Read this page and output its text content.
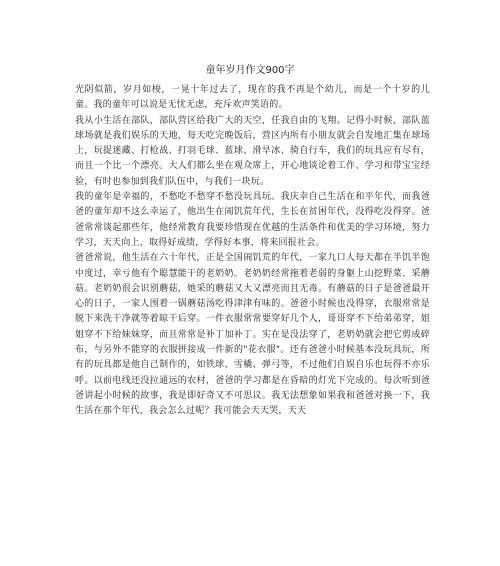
童年岁月作文900字

光阴似箭，岁月如梭，一晃十年过去了，现在的我不再是个幼儿，而是一个十岁的儿童。我的童年可以说是无忧无虑，充斥欢声笑语的。

我从小生活在部队，部队营区给我广大的天空，任我自由的飞翔。记得小时候，部队蓝球场就是我们娱乐的天地，每天吃完晚饭后，营区内所有小朋友就会自发地汇集在球场上，玩捉迷藏、打枪战、打羽毛球、蓝球、滑旱冰、骑自行车，我们的玩具应有尽有，而且一个比一个漂亮。大人们都么坐在观众席上，开心地谈论着工作、学习和带宝宝经验，有时也参加到我们队伍中，与我们一块玩。

我的童年是幸福的，不愁吃不愁穿不愁没玩具玩。我庆幸自己生活在和平年代，而我爸爸的童年却不这么幸运了，他出生在闹饥荒年代，生长在贫困年代，没得吃没得穿。爸爸常常谈起那些年，他经常教育我要珍惜现在优越的生活条件和优美的学习环境，努力学习，天天向上，取得好成绩，学得好本事，将来回报社会。

爸爸常说，他生活在六十年代，正是全国闹饥荒的年代，一家九口人每天都在半饥半饱中度过，幸亏他有个聪慧能干的老奶奶。老奶奶经常拖着老弱的身躯上山挖野菜、采蘑菇。老奶奶很会识别蘑菇，她采的蘑菇又大又漂亮而且无毒。有蘑菇的日子是爸爸最开心的日子，一家人围着一锅蘑菇汤吃得津津有味的。爸爸小时候也没得穿，衣服常常是脱下来洗干净就等着晾干后穿。一件衣服常常要穿好几个人，哥哥穿不下给弟弟穿，姐姐穿不下给妹妹穿，而且常常是补丁加补丁。实在是没法穿了，老奶奶就会把它剪成碎布，与另外不能穿的衣服拼接成一件新的"花衣服"。还有爸爸小时候基本没玩具玩，所有的玩具都是他自己制作的，如铁球、雪橇、弹弓等，不过他们自娱自乐也玩得不亦乐呼。以前电线还没拉通远的农村，爸爸的学习都是在昏暗的灯光下完成的。每次听到爸爸讲起小时候的故事，我是即好奇又不可思议。我无法想象如果我和爸爸对换一下，我生活在那个年代，我会怎么过呢？我可能会天天哭，天天
